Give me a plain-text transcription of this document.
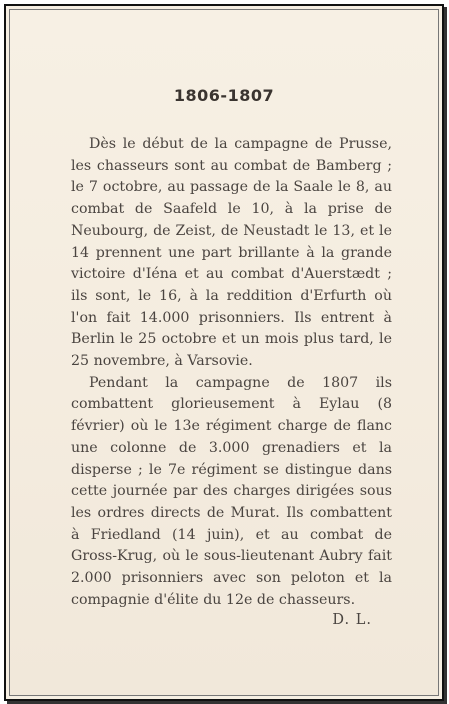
1806-1807

Dès le début de la campagne de Prusse, les chasseurs sont au combat de Bamberg ; le 7 octobre, au passage de la Saale le 8, au combat de Saafeld le 10, à la prise de Neubourg, de Zeist, de Neustadt le 13, et le 14 prennent une part brillante à la grande victoire d'Iéna et au combat d'Auerstædt ; ils sont, le 16, à la reddition d'Erfurth où l'on fait 14.000 prisonniers. Ils entrent à Berlin le 25 octobre et un mois plus tard, le 25 novembre, à Varsovie.

Pendant la campagne de 1807 ils combattent glorieusement à Eylau (8 février) où le 13e régiment charge de flanc une colonne de 3.000 grenadiers et la disperse ; le 7e régiment se distingue dans cette journée par des charges dirigées sous les ordres directs de Murat. Ils combattent à Friedland (14 juin), et au combat de Gross-Krug, où le sous-lieutenant Aubry fait 2.000 prisonniers avec son peloton et la compagnie d'élite du 12e de chasseurs.

D. L.
